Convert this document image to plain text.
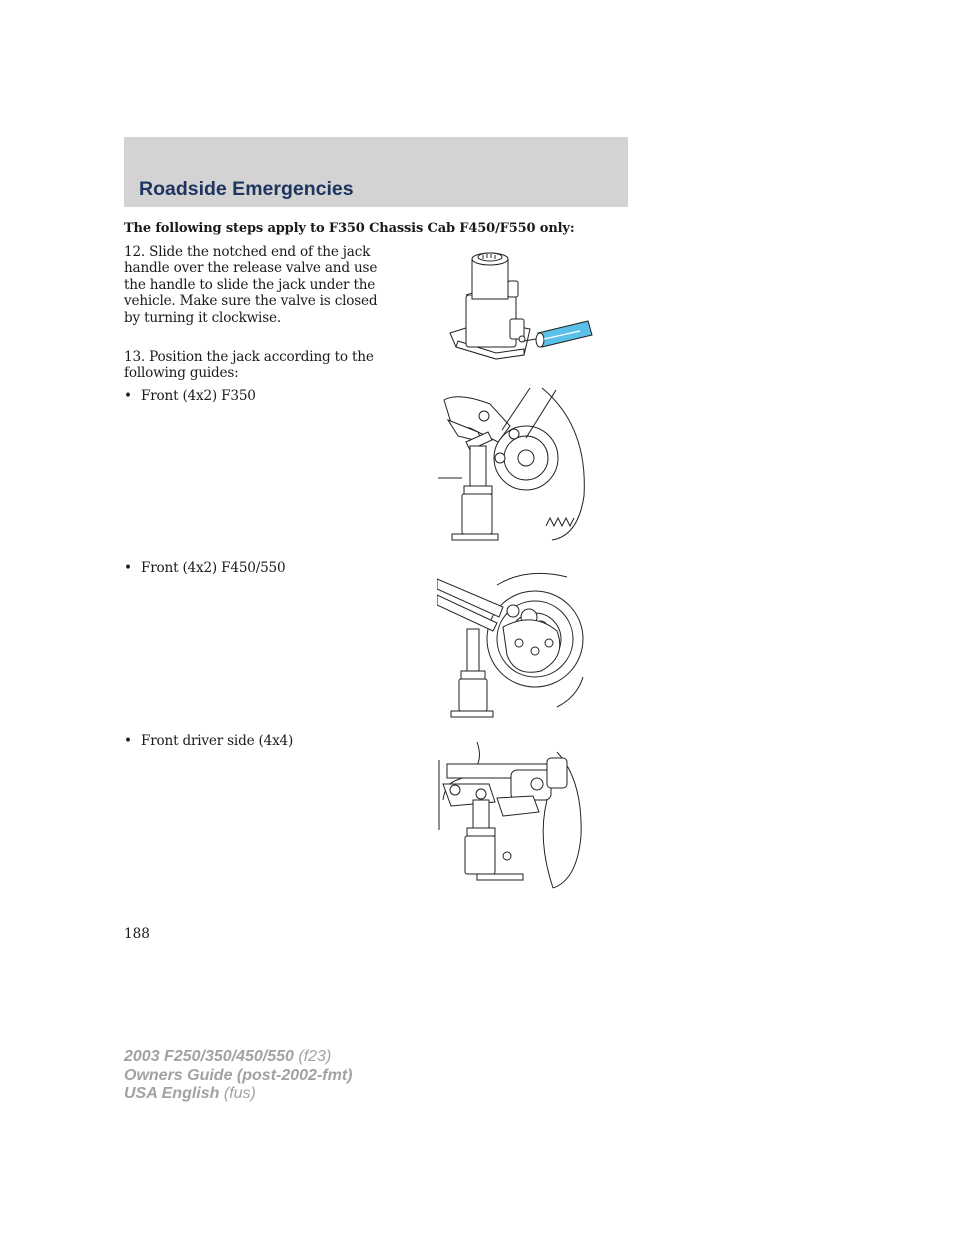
Roadside Emergencies
The following steps apply to F350 Chassis Cab F450/F550 only:
12. Slide the notched end of the jack handle over the release valve and use the handle to slide the jack under the vehicle. Make sure the valve is closed by turning it clockwise.
13. Position the jack according to the following guides:
• Front (4x2) F350
• Front (4x2) F450/550
• Front driver side (4x4)
188
2003 F250/350/450/550 (f23)
Owners Guide (post-2002-fmt)
USA English (fus)
